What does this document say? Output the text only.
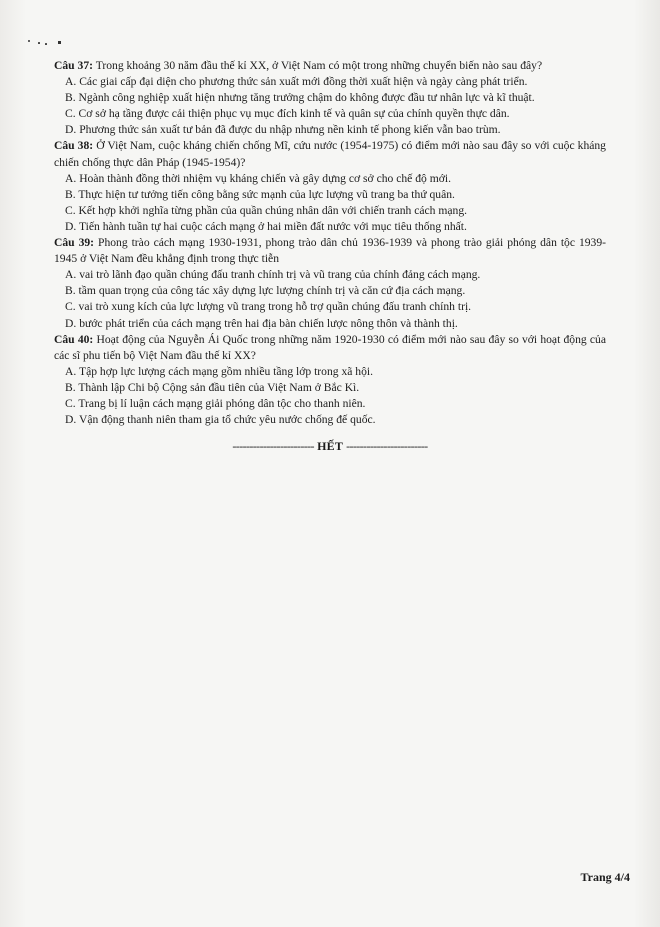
Câu 37: Trong khoảng 30 năm đầu thế kỉ XX, ở Việt Nam có một trong những chuyển biến nào sau đây?
A. Các giai cấp đại diện cho phương thức sản xuất mới đồng thời xuất hiện và ngày càng phát triển.
B. Ngành công nghiệp xuất hiện nhưng tăng trưởng chậm do không được đầu tư nhân lực và kĩ thuật.
C. Cơ sở hạ tầng được cải thiện phục vụ mục đích kinh tế và quân sự của chính quyền thực dân.
D. Phương thức sản xuất tư bản đã được du nhập nhưng nền kinh tế phong kiến vẫn bao trùm.
Câu 38: Ở Việt Nam, cuộc kháng chiến chống Mĩ, cứu nước (1954-1975) có điểm mới nào sau đây so với cuộc kháng chiến chống thực dân Pháp (1945-1954)?
A. Hoàn thành đồng thời nhiệm vụ kháng chiến và gây dựng cơ sở cho chế độ mới.
B. Thực hiện tư tưởng tiến công bằng sức mạnh của lực lượng vũ trang ba thứ quân.
C. Kết hợp khởi nghĩa từng phần của quần chúng nhân dân với chiến tranh cách mạng.
D. Tiến hành tuần tự hai cuộc cách mạng ở hai miền đất nước với mục tiêu thống nhất.
Câu 39: Phong trào cách mạng 1930-1931, phong trào dân chủ 1936-1939 và phong trào giải phóng dân tộc 1939-1945 ở Việt Nam đều khẳng định trong thực tiễn
A. vai trò lãnh đạo quần chúng đấu tranh chính trị và vũ trang của chính đảng cách mạng.
B. tầm quan trọng của công tác xây dựng lực lượng chính trị và căn cứ địa cách mạng.
C. vai trò xung kích của lực lượng vũ trang trong hỗ trợ quần chúng đấu tranh chính trị.
D. bước phát triển của cách mạng trên hai địa bàn chiến lược nông thôn và thành thị.
Câu 40: Hoạt động của Nguyễn Ái Quốc trong những năm 1920-1930 có điểm mới nào sau đây so với hoạt động của các sĩ phu tiến bộ Việt Nam đầu thế kỉ XX?
A. Tập hợp lực lượng cách mạng gồm nhiều tầng lớp trong xã hội.
B. Thành lập Chi bộ Cộng sản đầu tiên của Việt Nam ở Bắc Kì.
C. Trang bị lí luận cách mạng giải phóng dân tộc cho thanh niên.
D. Vận động thanh niên tham gia tổ chức yêu nước chống đế quốc.
------------------------ HẾT ------------------------
Trang 4/4
